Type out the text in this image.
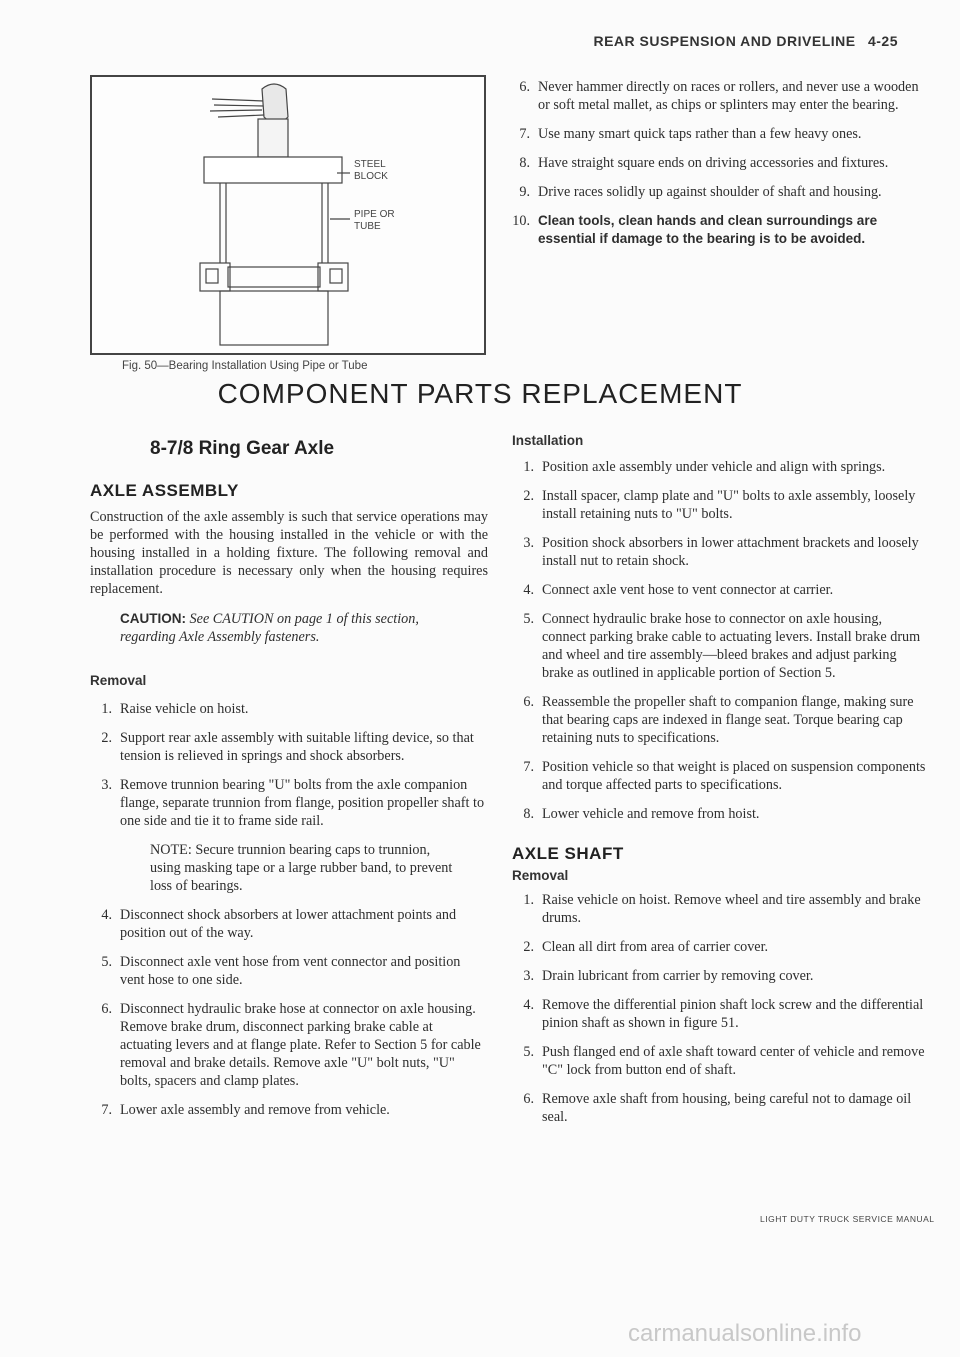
REAR SUSPENSION AND DRIVELINE 4-25
STEEL
BLOCK
PIPE OR
TUBE
Fig. 50—Bearing Installation Using Pipe or Tube
6. Never hammer directly on races or rollers, and never use a wooden or soft metal mallet, as chips or splinters may enter the bearing.
7. Use many smart quick taps rather than a few heavy ones.
8. Have straight square ends on driving accessories and fixtures.
9. Drive races solidly up against shoulder of shaft and housing.
10. Clean tools, clean hands and clean surroundings are essential if damage to the bearing is to be avoided.
COMPONENT PARTS REPLACEMENT
8-7/8 Ring Gear Axle
AXLE ASSEMBLY

Construction of the axle assembly is such that service operations may be performed with the housing installed in the vehicle or with the housing installed in a holding fixture. The following removal and installation procedure is necessary only when the housing requires replacement.

CAUTION: See CAUTION on page 1 of this section, regarding Axle Assembly fasteners.

Removal
1. Raise vehicle on hoist.
2. Support rear axle assembly with suitable lifting device, so that tension is relieved in springs and shock absorbers.
3. Remove trunnion bearing "U" bolts from the axle companion flange, separate trunnion from flange, position propeller shaft to one side and tie it to frame side rail.

NOTE: Secure trunnion bearing caps to trunnion, using masking tape or a large rubber band, to prevent loss of bearings.

4. Disconnect shock absorbers at lower attachment points and position out of the way.
5. Disconnect axle vent hose from vent connector and position vent hose to one side.
6. Disconnect hydraulic brake hose at connector on axle housing. Remove brake drum, disconnect parking brake cable at actuating levers and at flange plate. Refer to Section 5 for cable removal and brake details. Remove axle "U" bolt nuts, "U" bolts, spacers and clamp plates.
7. Lower axle assembly and remove from vehicle.
Installation
1. Position axle assembly under vehicle and align with springs.
2. Install spacer, clamp plate and "U" bolts to axle assembly, loosely install retaining nuts to "U" bolts.
3. Position shock absorbers in lower attachment brackets and loosely install nut to retain shock.
4. Connect axle vent hose to vent connector at carrier.
5. Connect hydraulic brake hose to connector on axle housing, connect parking brake cable to actuating levers. Install brake drum and wheel and tire assembly—bleed brakes and adjust parking brake as outlined in applicable portion of Section 5.
6. Reassemble the propeller shaft to companion flange, making sure that bearing caps are indexed in flange seat. Torque bearing cap retaining nuts to specifications.
7. Position vehicle so that weight is placed on suspension components and torque affected parts to specifications.
8. Lower vehicle and remove from hoist.
AXLE SHAFT
Removal
1. Raise vehicle on hoist. Remove wheel and tire assembly and brake drums.
2. Clean all dirt from area of carrier cover.
3. Drain lubricant from carrier by removing cover.
4. Remove the differential pinion shaft lock screw and the differential pinion shaft as shown in figure 51.
5. Push flanged end of axle shaft toward center of vehicle and remove "C" lock from button end of shaft.
6. Remove axle shaft from housing, being careful not to damage oil seal.
LIGHT DUTY TRUCK SERVICE MANUAL
carmanualsonline.info
